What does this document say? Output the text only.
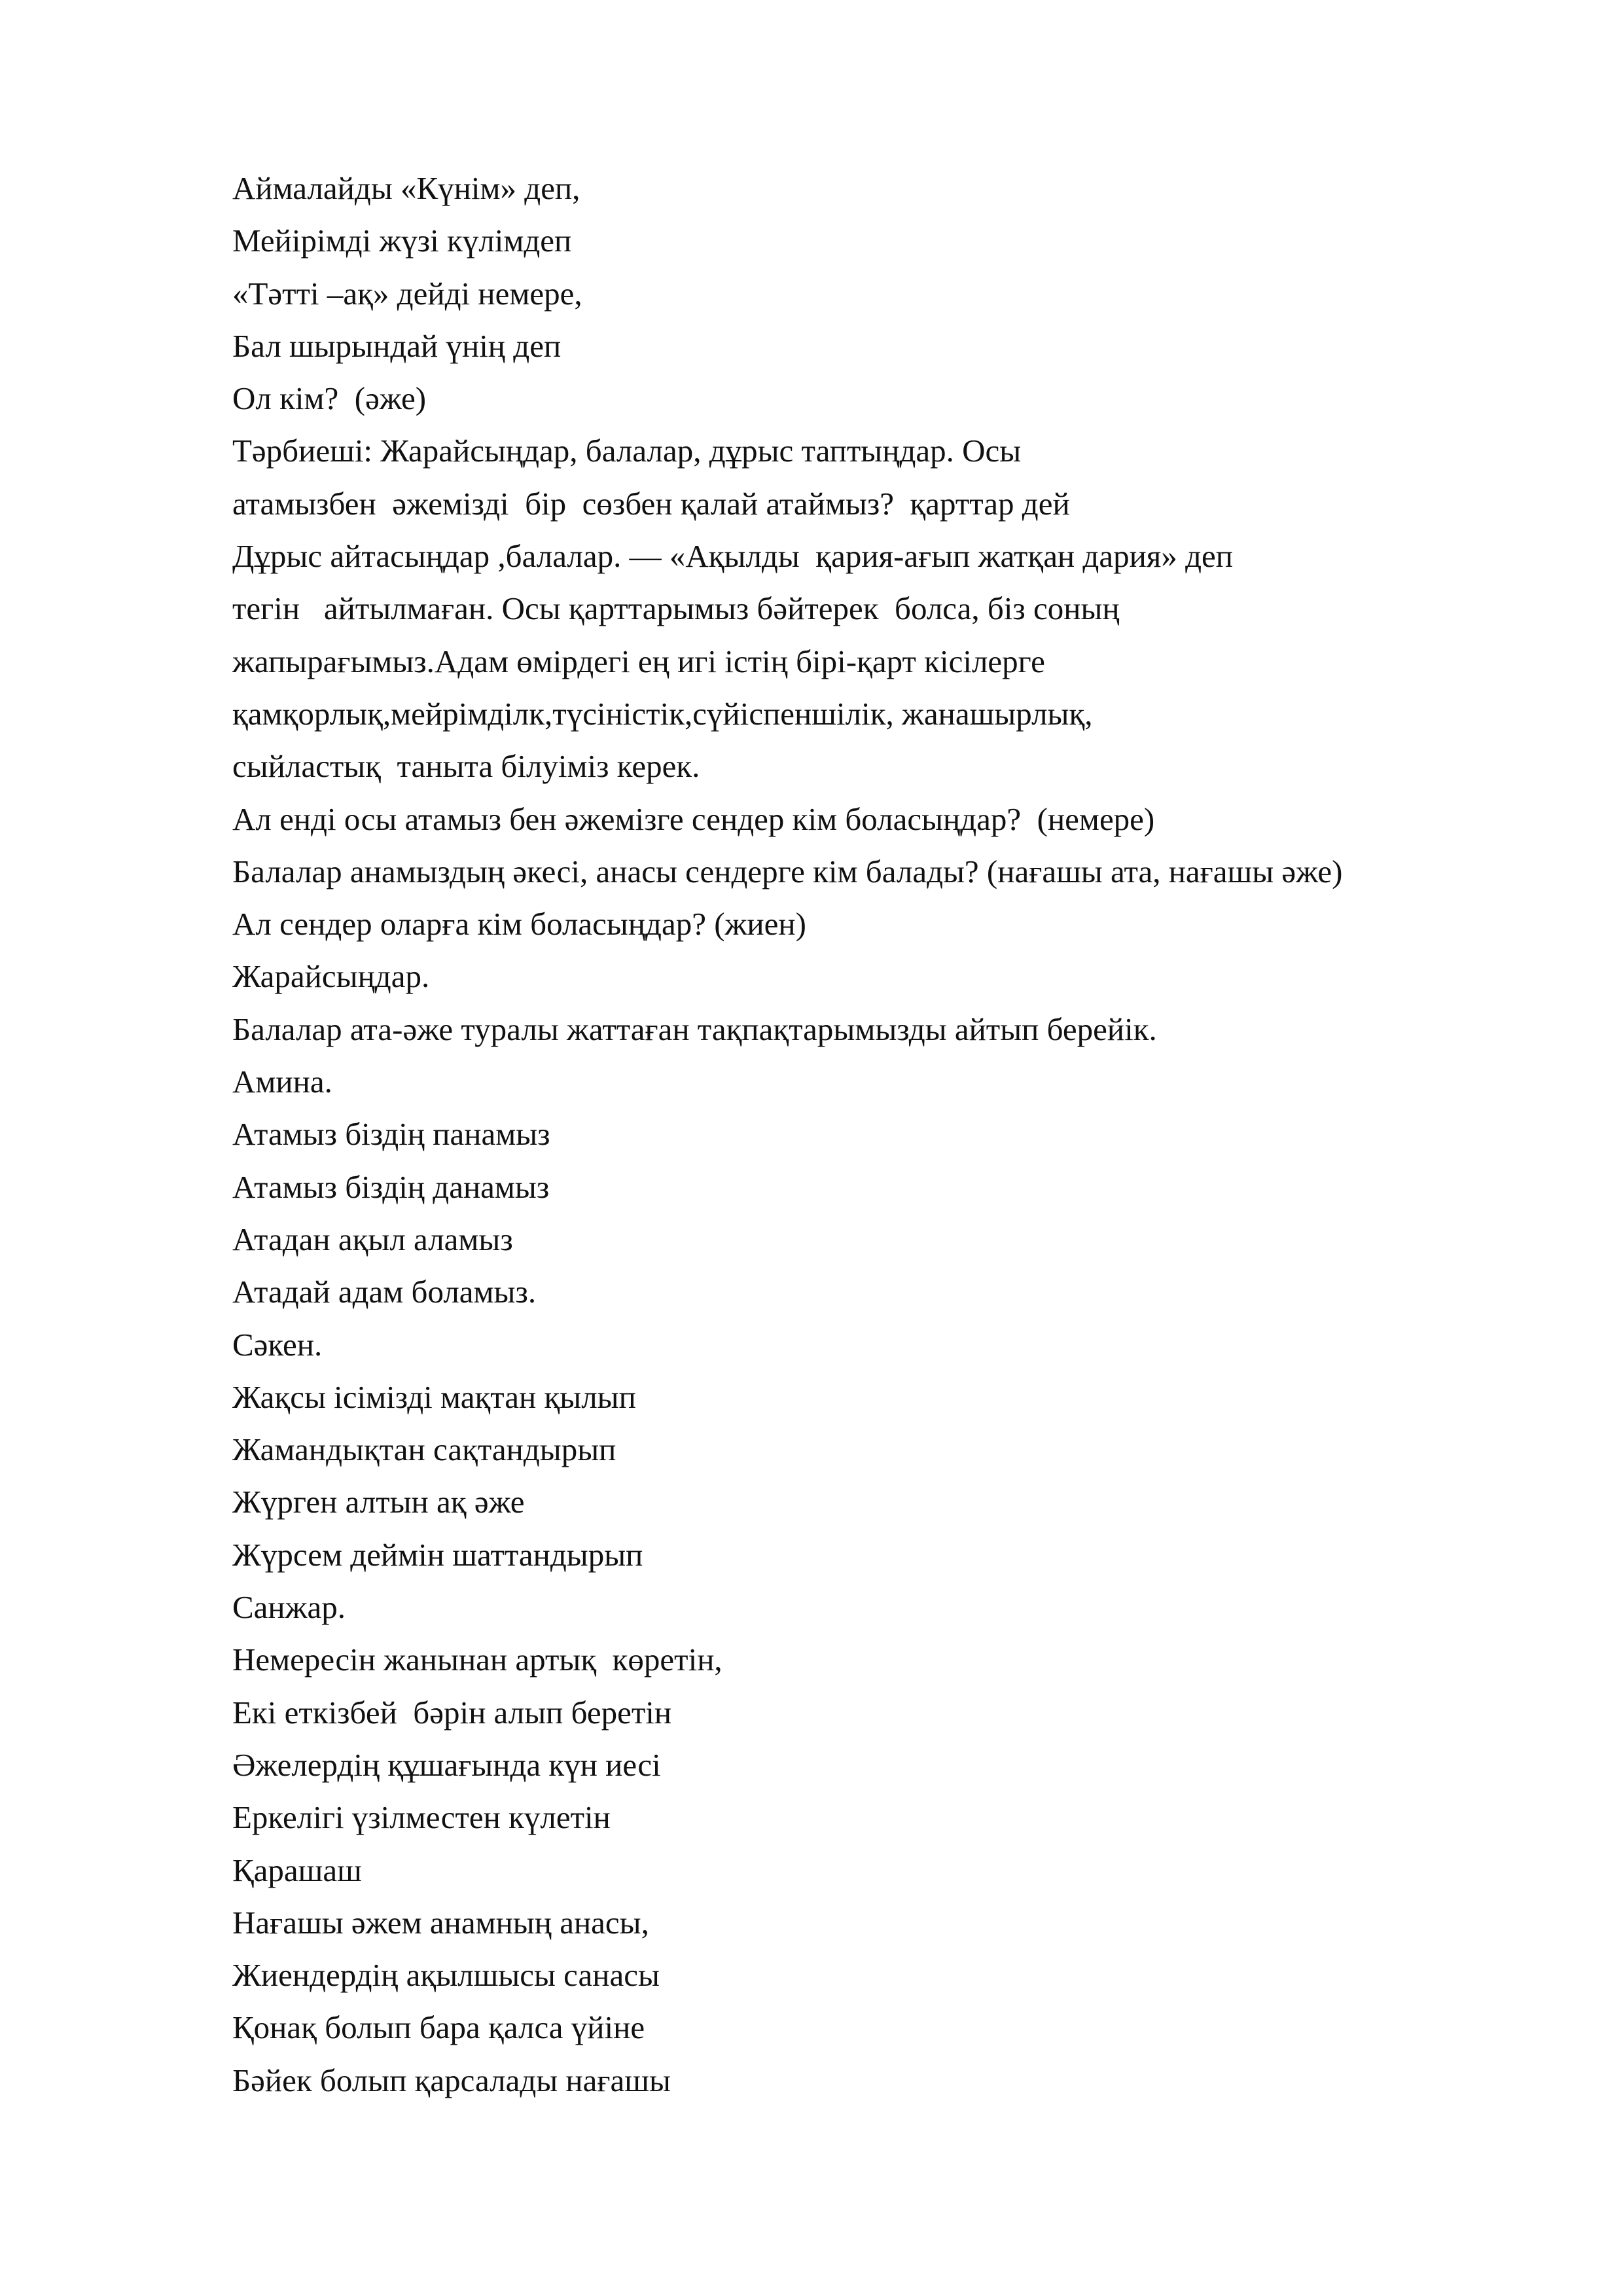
Аймалайды «Күнім» деп,
Мейірімді жүзі күлімдеп
«Тәтті –ақ» дейді немере,
Бал шырындай үнің деп
Ол кім?  (әже)
Тәрбиеші: Жарайсыңдар, балалар, дұрыс таптыңдар. Осы
атамызбен  әжемізді  бір  сөзбен қалай атаймыз?  қарттар дей
Дұрыс айтасыңдар ,балалар. — «Ақылды  қария-ағып жатқан дария» деп
тегін   айтылмаған. Осы қарттарымыз бәйтерек  болса, біз соның
жапырағымыз.Адам өмірдегі ең игі істің бірі-қарт кісілерге
қамқорлық,мейрімділк,түсіністік,сүйіспеншілік, жанашырлық,
сыйластық  таныта білуіміз керек.
Ал енді осы атамыз бен әжемізге сендер кім боласыңдар?  (немере)
Балалар анамыздың әкесі, анасы сендерге кім балады? (нағашы ата, нағашы әже)
Ал сендер оларға кім боласыңдар? (жиен)
Жарайсыңдар.
Балалар ата-әже туралы жаттаған тақпақтарымызды айтып берейік.
Амина.
Атамыз біздің панамыз
Атамыз біздің данамыз
Атадан ақыл аламыз
Атадай адам боламыз.
Сәкен.
Жақсы ісімізді мақтан қылып
Жамандықтан сақтандырып
Жүрген алтын ақ әже
Жүрсем деймін шаттандырып
Санжар.
Немересін жанынан артық  көретін,
Екі еткізбей  бәрін алып беретін
Әжелердің құшағында күн иесі
Еркелігі үзілместен күлетін
Қарашаш
Нағашы әжем анамның анасы,
Жиендердің ақылшысы санасы
Қонақ болып бара қалса үйіне
Бәйек болып қарсалады нағашы
